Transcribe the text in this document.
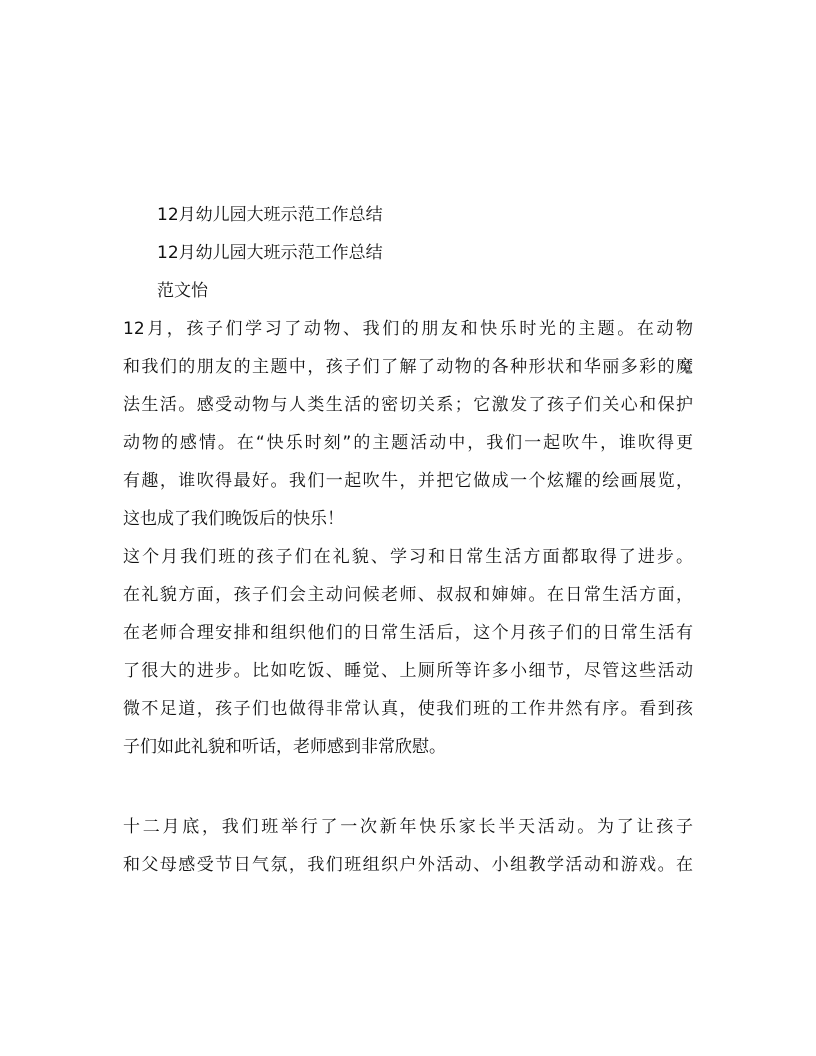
12月幼儿园大班示范工作总结
12月幼儿园大班示范工作总结
范文怡
12月，孩子们学习了动物、我们的朋友和快乐时光的主题。在动物
和我们的朋友的主题中，孩子们了解了动物的各种形状和华丽多彩的魔
法生活。感受动物与人类生活的密切关系；它激发了孩子们关心和保护
动物的感情。在“快乐时刻”的主题活动中，我们一起吹牛，谁吹得更
有趣，谁吹得最好。我们一起吹牛，并把它做成一个炫耀的绘画展览，
这也成了我们晚饭后的快乐！
这个月我们班的孩子们在礼貌、学习和日常生活方面都取得了进步。
在礼貌方面，孩子们会主动问候老师、叔叔和婶婶。在日常生活方面，
在老师合理安排和组织他们的日常生活后，这个月孩子们的日常生活有
了很大的进步。比如吃饭、睡觉、上厕所等许多小细节，尽管这些活动
微不足道，孩子们也做得非常认真，使我们班的工作井然有序。看到孩
子们如此礼貌和听话，老师感到非常欣慰。
十二月底，我们班举行了一次新年快乐家长半天活动。为了让孩子
和父母感受节日气氛，我们班组织户外活动、小组教学活动和游戏。在
